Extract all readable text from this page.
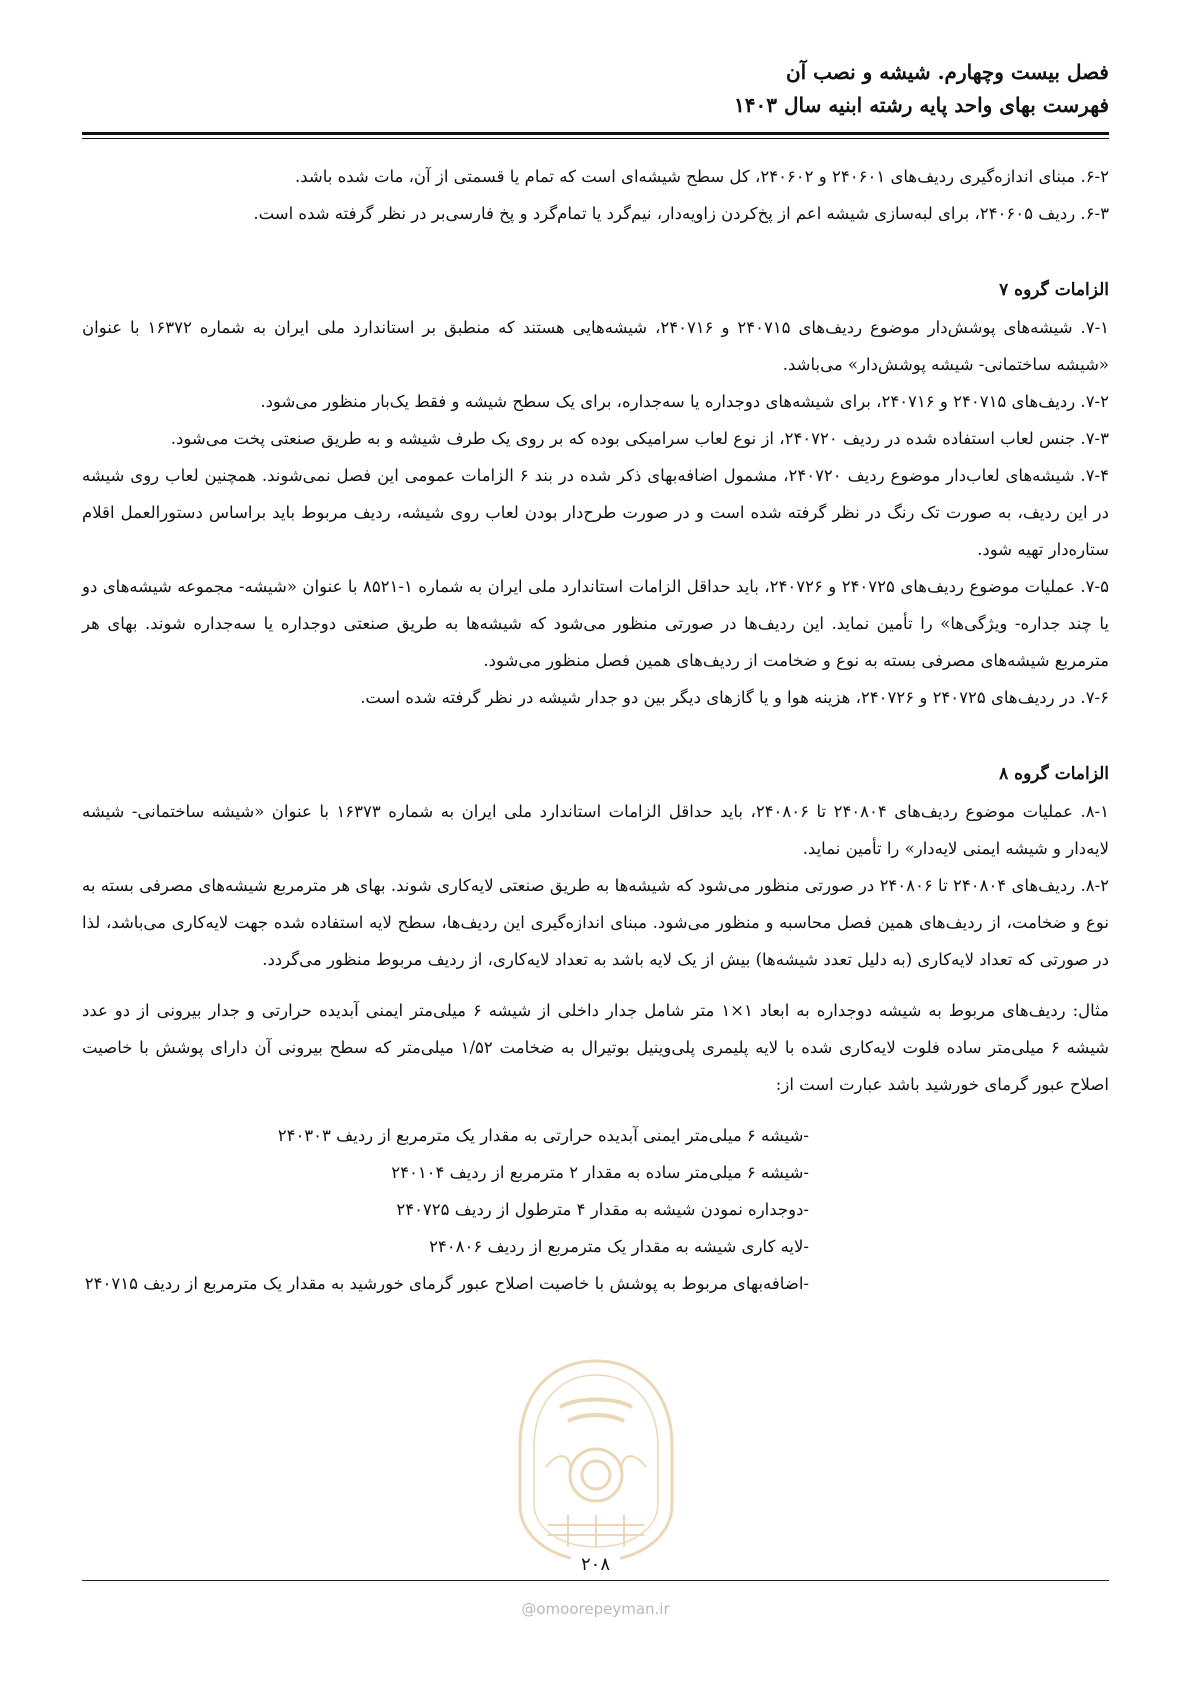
فصل بیست وچهارم. شیشه و نصب آن
فهرست بهای واحد پایه رشته ابنیه سال ۱۴۰۳

۶-۲. مبنای اندازه‌گیری ردیف‌های ۲۴۰۶۰۱ و ۲۴۰۶۰۲، کل سطح شیشه‌ای است که تمام یا قسمتی از آن، مات شده باشد.

۶-۳. ردیف ۲۴۰۶۰۵، برای لبه‌سازی شیشه اعم از پخ‌کردن زاویه‌دار، نیم‌گرد یا تمام‌گرد و پخ فارسی‌بر در نظر گرفته شده است.

الزامات گروه ۷

۷-۱. شیشه‌های پوشش‌دار موضوع ردیف‌های ۲۴۰۷۱۵ و ۲۴۰۷۱۶، شیشه‌هایی هستند که منطبق بر استاندارد ملی ایران به شماره ۱۶۳۷۲ با عنوان «شیشه ساختمانی- شیشه پوشش‌دار» می‌باشد.

۷-۲. ردیف‌های ۲۴۰۷۱۵ و ۲۴۰۷۱۶، برای شیشه‌های دوجداره یا سه‌جداره، برای یک سطح شیشه و فقط یک‌بار منظور می‌شود.

۷-۳. جنس لعاب استفاده شده در ردیف ۲۴۰۷۲۰، از نوع لعاب سرامیکی بوده که بر روی یک طرف شیشه و به طریق صنعتی پخت می‌شود.

۷-۴. شیشه‌های لعاب‌دار موضوع ردیف ۲۴۰۷۲۰، مشمول اضافه‌بهای ذکر شده در بند ۶ الزامات عمومی این فصل نمی‌شوند. همچنین لعاب روی شیشه در این ردیف، به صورت تک رنگ در نظر گرفته شده است و در صورت طرح‌دار بودن لعاب روی شیشه، ردیف مربوط باید براساس دستورالعمل اقلام ستاره‌دار تهیه شود.

۷-۵. عملیات موضوع ردیف‌های ۲۴۰۷۲۵ و ۲۴۰۷۲۶، باید حداقل الزامات استاندارد ملی ایران به شماره ۱-۸۵۲۱ با عنوان «شیشه- مجموعه شیشه‌های دو یا چند جداره- ویژگی‌ها» را تأمین نماید. این ردیف‌ها در صورتی منظور می‌شود که شیشه‌ها به طریق صنعتی دوجداره یا سه‌جداره شوند. بهای هر مترمربع شیشه‌های مصرفی بسته به نوع و ضخامت از ردیف‌های همین فصل منظور می‌شود.

۷-۶. در ردیف‌های ۲۴۰۷۲۵ و ۲۴۰۷۲۶، هزینه هوا و یا گازهای دیگر بین دو جدار شیشه در نظر گرفته شده است.

الزامات گروه ۸

۸-۱. عملیات موضوع ردیف‌های ۲۴۰۸۰۴ تا ۲۴۰۸۰۶، باید حداقل الزامات استاندارد ملی ایران به شماره ۱۶۳۷۳ با عنوان «شیشه ساختمانی- شیشه لایه‌دار و شیشه ایمنی لایه‌دار» را تأمین نماید.

۸-۲. ردیف‌های ۲۴۰۸۰۴ تا ۲۴۰۸۰۶ در صورتی منظور می‌شود که شیشه‌ها به طریق صنعتی لایه‌کاری شوند. بهای هر مترمربع شیشه‌های مصرفی بسته به نوع و ضخامت، از ردیف‌های همین فصل محاسبه و منظور می‌شود. مبنای اندازه‌گیری این ردیف‌ها، سطح لایه استفاده شده جهت لایه‌کاری می‌باشد، لذا در صورتی که تعداد لایه‌کاری (به دلیل تعدد شیشه‌ها) بیش از یک لایه باشد به تعداد لایه‌کاری، از ردیف مربوط منظور می‌گردد.

مثال: ردیف‌های مربوط به شیشه دوجداره به ابعاد ۱×۱ متر شامل جدار داخلی از شیشه ۶ میلی‌متر ایمنی آبدیده حرارتی و جدار بیرونی از دو عدد شیشه ۶ میلی‌متر ساده فلوت لایه‌کاری شده با لایه پلیمری پلی‌وینیل بوتیرال به ضخامت ۱/۵۲ میلی‌متر که سطح بیرونی آن دارای پوشش با خاصیت اصلاح عبور گرمای خورشید باشد عبارت است از:

-شیشه ۶ میلی‌متر ایمنی آبدیده حرارتی به مقدار یک مترمربع از ردیف ۲۴۰۳۰۳
-شیشه ۶ میلی‌متر ساده به مقدار ۲ مترمربع از ردیف ۲۴۰۱۰۴
-دوجداره نمودن شیشه به مقدار ۴ مترطول از ردیف ۲۴۰۷۲۵
-لایه کاری شیشه به مقدار یک مترمربع از ردیف ۲۴۰۸۰۶
-اضافه‌بهای مربوط به پوشش با خاصیت اصلاح عبور گرمای خورشید به مقدار یک مترمربع از ردیف ۲۴۰۷۱۵
۲۰۸
@omoorepeyman.ir
